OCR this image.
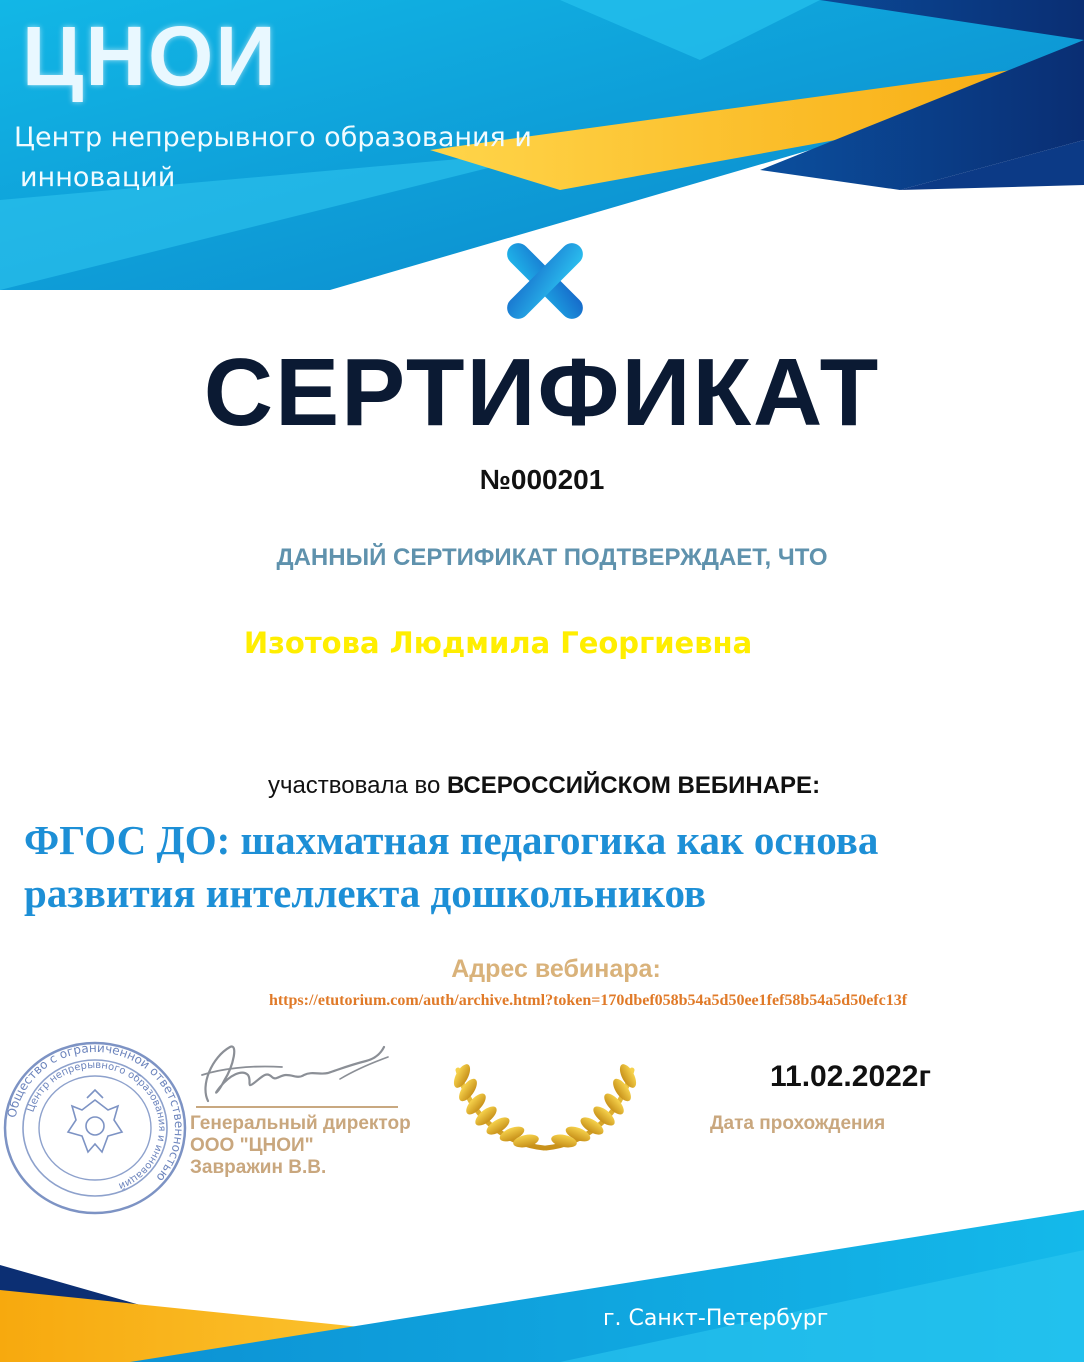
ЦНОИ
Центр непрерывного образования и
инноваций
СЕРТИФИКАТ
№000201
ДАННЫЙ СЕРТИФИКАТ ПОДТВЕРЖДАЕТ, ЧТО
Изотова Людмила Георгиевна
участвовала во ВСЕРОССИЙСКОМ ВЕБИНАРЕ:
ФГОС ДО: шахматная педагогика как основа
развития интеллекта дошкольников
Адрес вебинара:
https://etutorium.com/auth/archive.html?token=170dbef058b54a5d50ee1fef58b54a5d50efc13f
Общество с ограниченной ответственностью
Центр непрерывного образования и инноваций
Генеральный директор
ООО "ЦНОИ"
Завражин В.В.
11.02.2022г
Дата прохождения
г. Санкт-Петербург
